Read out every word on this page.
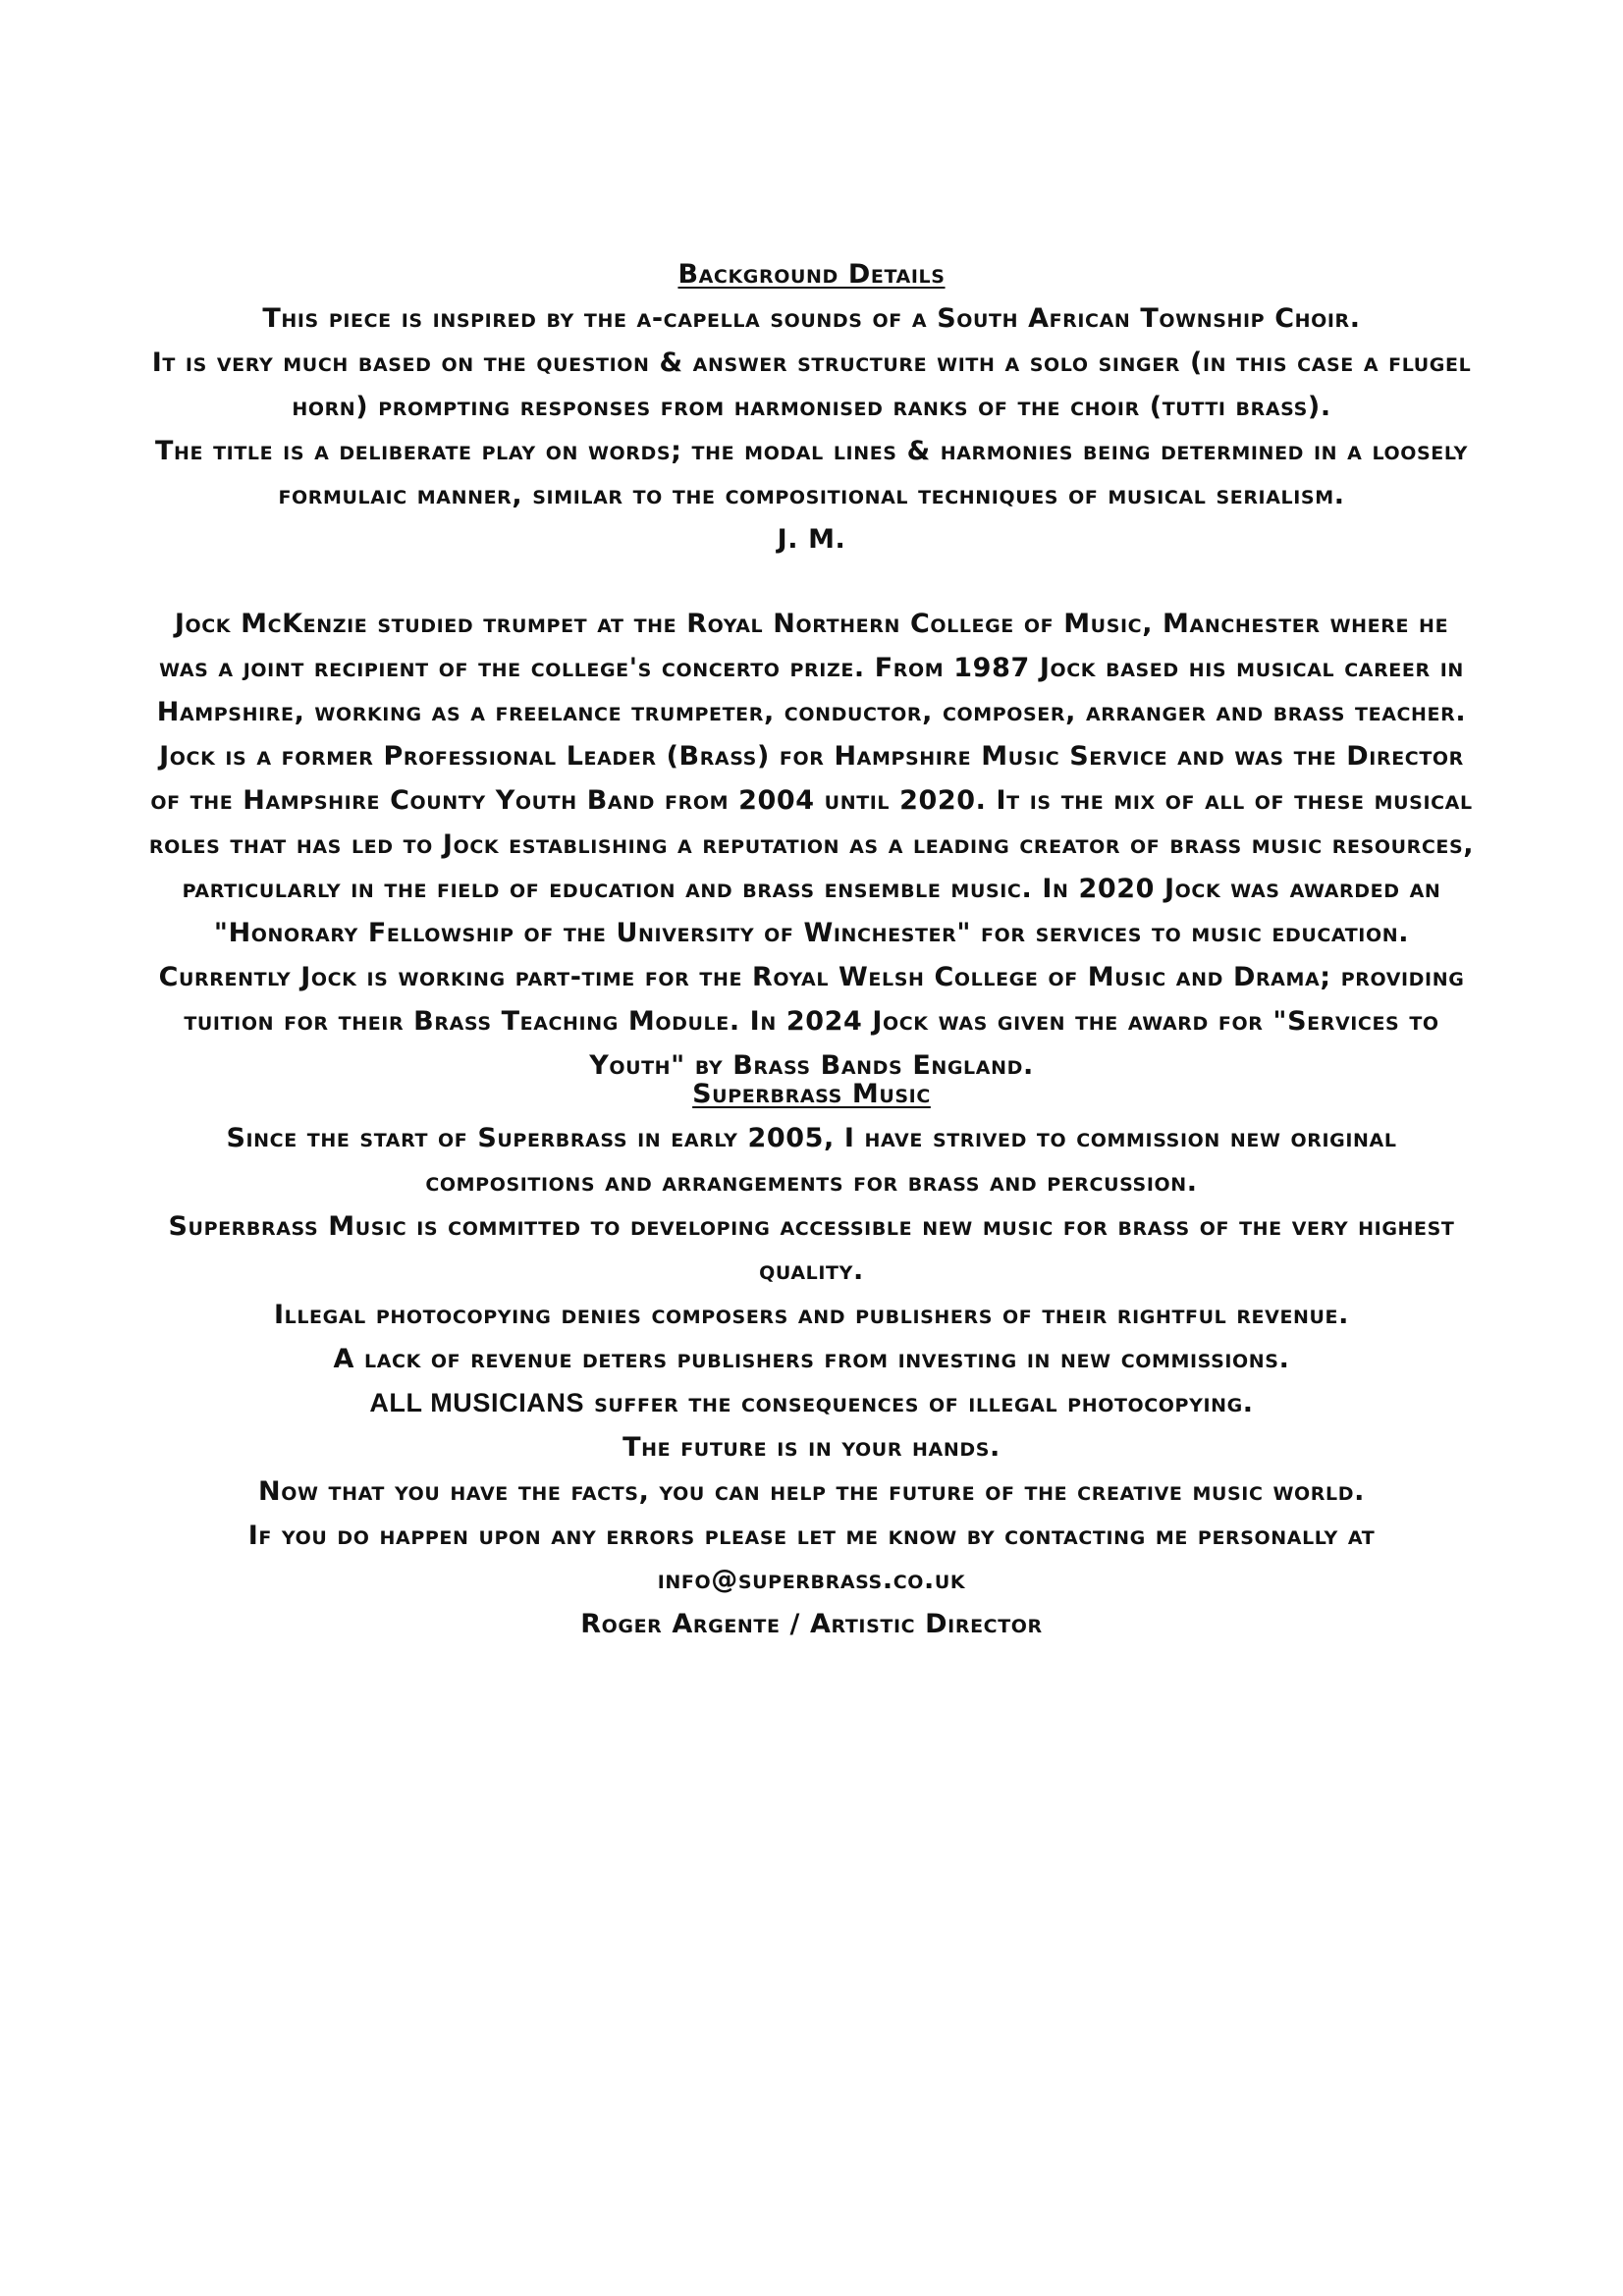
Background Details
This piece is inspired by the a-capella sounds of a South African Township Choir.
It is very much based on the question & answer structure with a solo singer (in this case a flugel horn) prompting responses from harmonised ranks of the choir (tutti brass).
The title is a deliberate play on words; the modal lines & harmonies being determined in a loosely formulaic manner, similar to the compositional techniques of musical serialism.
J. M.
Jock McKenzie studied trumpet at the Royal Northern College of Music, Manchester where he was a joint recipient of the college's concerto prize. From 1987 Jock based his musical career in Hampshire, working as a freelance trumpeter, conductor, composer, arranger and brass teacher. Jock is a former Professional Leader (Brass) for Hampshire Music Service and was the Director of the Hampshire County Youth Band from 2004 until 2020. It is the mix of all of these musical roles that has led to Jock establishing a reputation as a leading creator of brass music resources, particularly in the field of education and brass ensemble music. In 2020 Jock was awarded an "Honorary Fellowship of the University of Winchester" for services to music education. Currently Jock is working part-time for the Royal Welsh College of Music and Drama; providing tuition for their Brass Teaching Module. In 2024 Jock was given the award for "Services to Youth" by Brass Bands England.
Superbrass Music
Since the start of Superbrass in early 2005, I have strived to commission new original compositions and arrangements for brass and percussion.
Superbrass Music is committed to developing accessible new music for brass of the very highest quality.
Illegal photocopying denies composers and publishers of their rightful revenue.
A lack of revenue deters publishers from investing in new commissions.
ALL MUSICIANS suffer the consequences of illegal photocopying.
The future is in your hands.
Now that you have the facts, you can help the future of the creative music world.
If you do happen upon any errors please let me know by contacting me personally at
info@superbrass.co.uk
Roger Argente / Artistic Director
